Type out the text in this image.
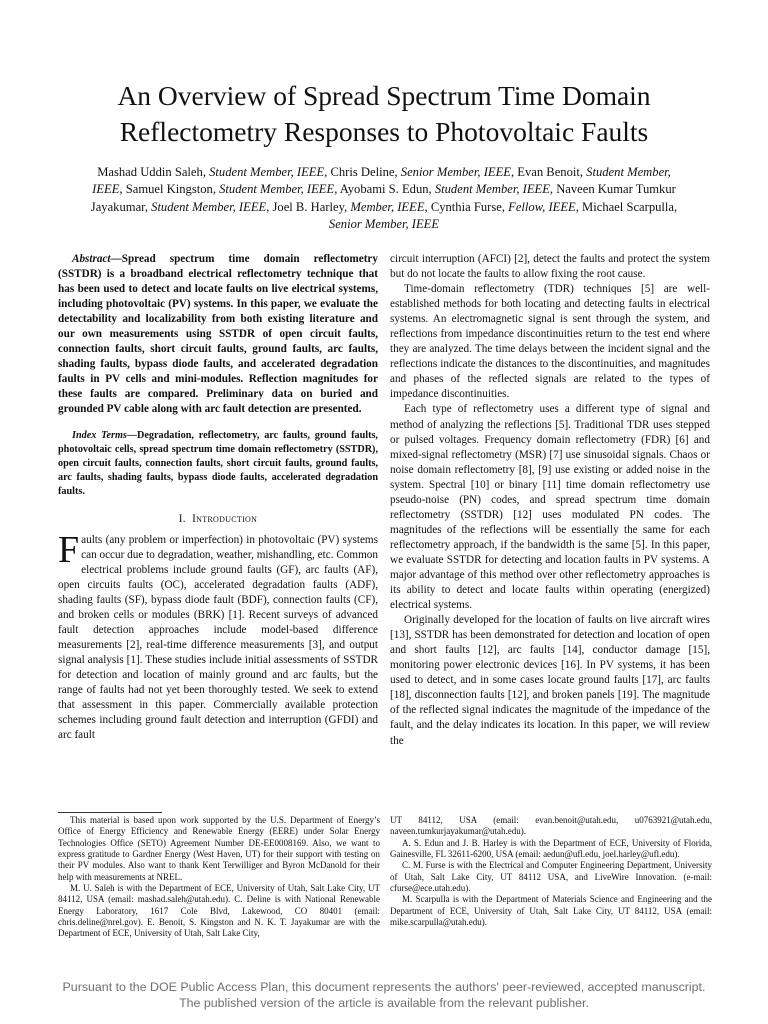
An Overview of Spread Spectrum Time Domain
Reflectometry Responses to Photovoltaic Faults
Mashad Uddin Saleh, Student Member, IEEE, Chris Deline, Senior Member, IEEE, Evan Benoit, Student Member, IEEE, Samuel Kingston, Student Member, IEEE, Ayobami S. Edun, Student Member, IEEE, Naveen Kumar Tumkur Jayakumar, Student Member, IEEE, Joel B. Harley, Member, IEEE, Cynthia Furse, Fellow, IEEE, Michael Scarpulla, Senior Member, IEEE

Abstract—Spread spectrum time domain reflectometry (SSTDR) is a broadband electrical reflectometry technique that has been used to detect and locate faults on live electrical systems, including photovoltaic (PV) systems. In this paper, we evaluate the detectability and localizability from both existing literature and our own measurements using SSTDR of open circuit faults, connection faults, short circuit faults, ground faults, arc faults, shading faults, bypass diode faults, and accelerated degradation faults in PV cells and mini-modules. Reflection magnitudes for these faults are compared. Preliminary data on buried and grounded PV cable along with arc fault detection are presented.

Index Terms—Degradation, reflectometry, arc faults, ground faults, photovoltaic cells, spread spectrum time domain reflectometry (SSTDR), open circuit faults, connection faults, short circuit faults, ground faults, arc faults, shading faults, bypass diode faults, accelerated degradation faults.

I. Introduction

Faults (any problem or imperfection) in photovoltaic (PV) systems can occur due to degradation, weather, mishandling, etc. Common electrical problems include ground faults (GF), arc faults (AF), open circuits faults (OC), accelerated degradation faults (ADF), shading faults (SF), bypass diode fault (BDF), connection faults (CF), and broken cells or modules (BRK) [1]. Recent surveys of advanced fault detection approaches include model-based difference measurements [2], real-time difference measurements [3], and output signal analysis [1]. These studies include initial assessments of SSTDR for detection and location of mainly ground and arc faults, but the range of faults had not yet been thoroughly tested. We seek to extend that assessment in this paper. Commercially available protection schemes including ground fault detection and interruption (GFDI) and arc fault

circuit interruption (AFCI) [2], detect the faults and protect the system but do not locate the faults to allow fixing the root cause.

Time-domain reflectometry (TDR) techniques [5] are well-established methods for both locating and detecting faults in electrical systems. An electromagnetic signal is sent through the system, and reflections from impedance discontinuities return to the test end where they are analyzed. The time delays between the incident signal and the reflections indicate the distances to the discontinuities, and magnitudes and phases of the reflected signals are related to the types of impedance discontinuities.

Each type of reflectometry uses a different type of signal and method of analyzing the reflections [5]. Traditional TDR uses stepped or pulsed voltages. Frequency domain reflectometry (FDR) [6] and mixed-signal reflectometry (MSR) [7] use sinusoidal signals. Chaos or noise domain reflectometry [8], [9] use existing or added noise in the system. Spectral [10] or binary [11] time domain reflectometry use pseudo-noise (PN) codes, and spread spectrum time domain reflectometry (SSTDR) [12] uses modulated PN codes. The magnitudes of the reflections will be essentially the same for each reflectometry approach, if the bandwidth is the same [5]. In this paper, we evaluate SSTDR for detecting and location faults in PV systems. A major advantage of this method over other reflectometry approaches is its ability to detect and locate faults within operating (energized) electrical systems.

Originally developed for the location of faults on live aircraft wires [13], SSTDR has been demonstrated for detection and location of open and short faults [12], arc faults [14], conductor damage [15], monitoring power electronic devices [16]. In PV systems, it has been used to detect, and in some cases locate ground faults [17], arc faults [18], disconnection faults [12], and broken panels [19]. The magnitude of the reflected signal indicates the magnitude of the impedance of the fault, and the delay indicates its location. In this paper, we will review the

This material is based upon work supported by the U.S. Department of Energy’s Office of Energy Efficiency and Renewable Energy (EERE) under Solar Energy Technologies Office (SETO) Agreement Number DE-EE0008169. Also, we want to express gratitude to Gardner Energy (West Haven, UT) for their support with testing on their PV modules. Also want to thank Kent Terwilliger and Byron McDanold for their help with measurements at NREL.

M. U. Saleh is with the Department of ECE, University of Utah, Salt Lake City, UT 84112, USA (email: mashad.saleh@utah.edu). C. Deline is with National Renewable Energy Laboratory, 1617 Cole Blvd, Lakewood, CO 80401 (email: chris.deline@nrel.gov). E. Benoit, S. Kingston and N. K. T. Jayakumar are with the Department of ECE, University of Utah, Salt Lake City,

UT 84112, USA (email: evan.benoit@utah.edu, u0763921@utah.edu, naveen.tumkurjayakumar@utah.edu).

A. S. Edun and J. B. Harley is with the Department of ECE, University of Florida, Gainesville, FL 32611-6200, USA (email: aedun@ufl.edu, joel.harley@ufl.edu).

C. M. Furse is with the Electrical and Computer Engineering Department, University of Utah, Salt Lake City, UT 84112 USA, and LiveWire Innovation. (e-mail: cfurse@ece.utah.edu).

M. Scarpulla is with the Department of Materials Science and Engineering and the Department of ECE, University of Utah, Salt Lake City, UT 84112, USA (email: mike.scarpulla@utah.edu).

Pursuant to the DOE Public Access Plan, this document represents the authors' peer-reviewed, accepted manuscript.
The published version of the article is available from the relevant publisher.
